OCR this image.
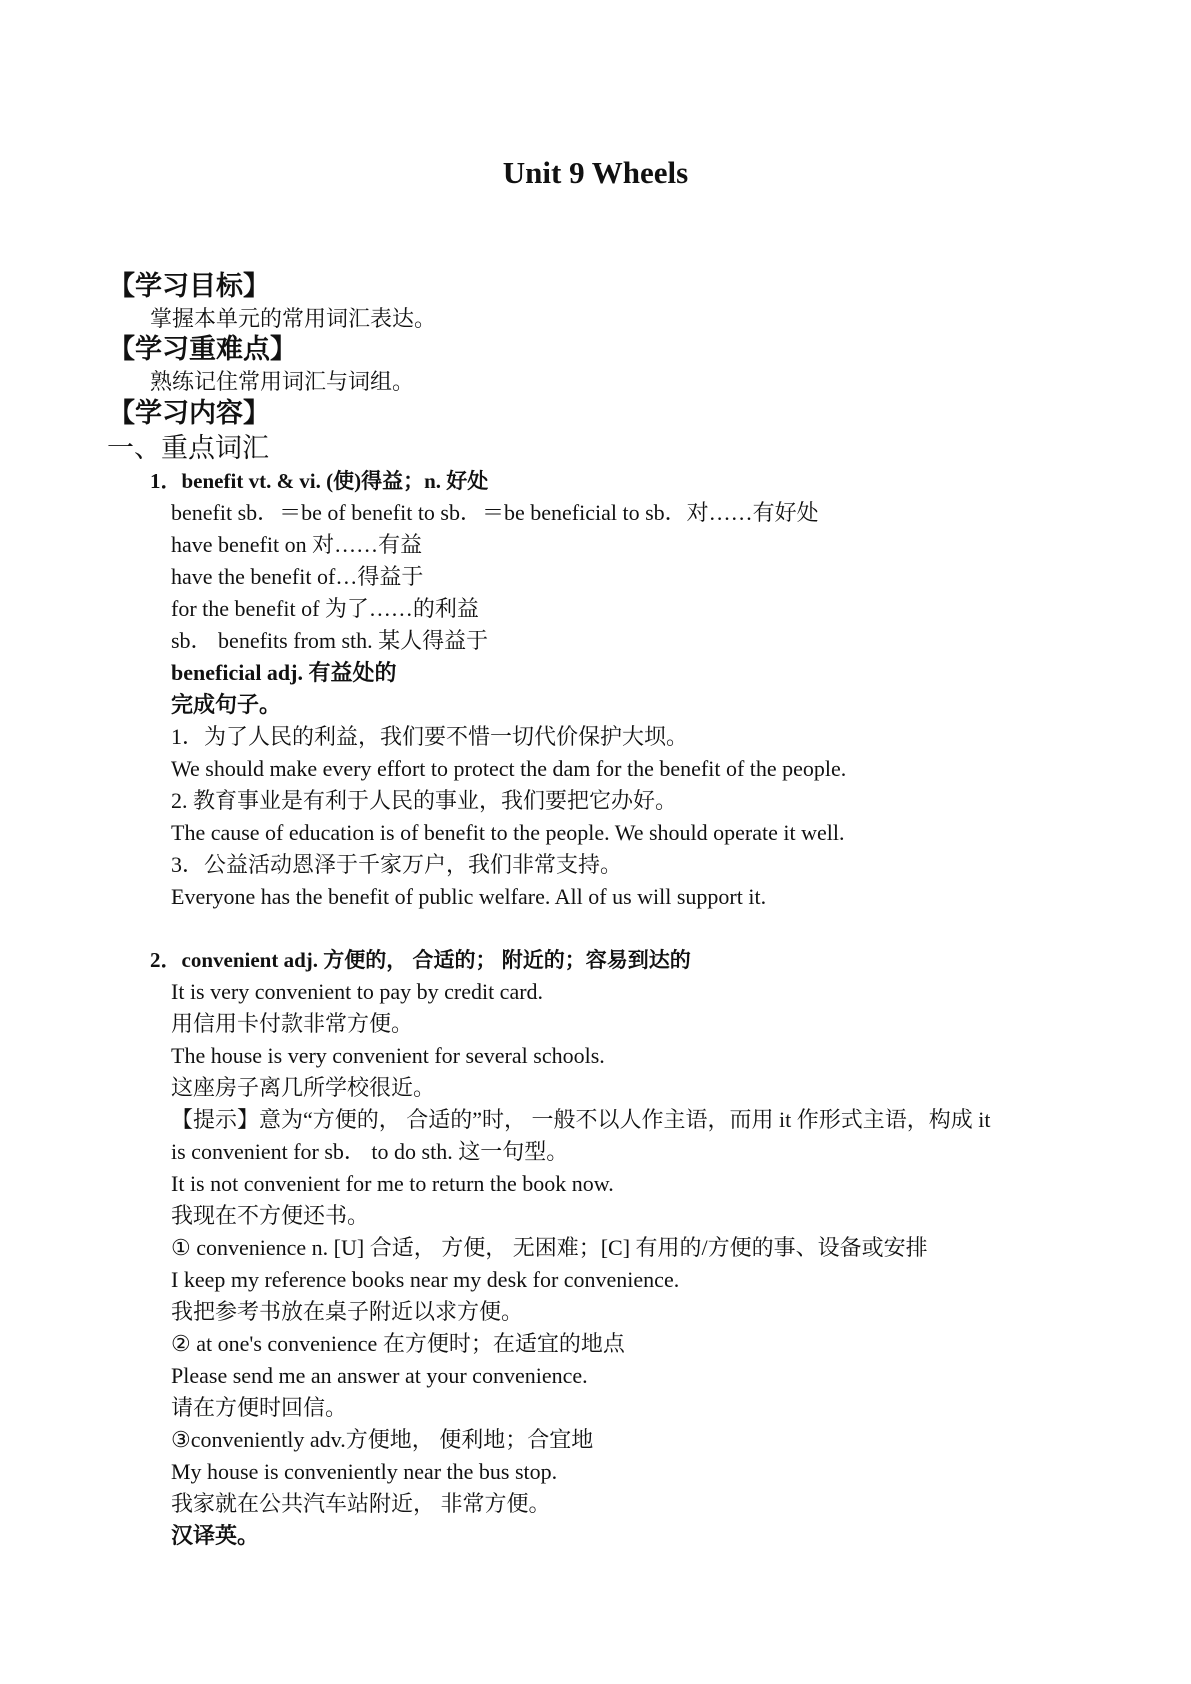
Unit 9 Wheels
【学习目标】
掌握本单元的常用词汇表达。
【学习重难点】
熟练记住常用词汇与词组。
【学习内容】
一、重点词汇
1．benefit vt. & vi. (使)得益；n. 好处
benefit sb．＝be of benefit to sb．＝be beneficial to sb．对……有好处
have benefit on 对……有益
have the benefit of…得益于
for the benefit of 为了……的利益
sb． benefits from sth. 某人得益于
beneficial adj. 有益处的
完成句子。
1．为了人民的利益，我们要不惜一切代价保护大坝。
We should make every effort to protect the dam for the benefit of the people.
2. 教育事业是有利于人民的事业，我们要把它办好。
The cause of education is of benefit to the people. We should operate it well.
3．公益活动恩泽于千家万户，我们非常支持。
Everyone has the benefit of public welfare. All of us will support it.
2．convenient adj. 方便的， 合适的； 附近的；容易到达的
It is very convenient to pay by credit card.
用信用卡付款非常方便。
The house is very convenient for several schools.
这座房子离几所学校很近。
【提示】意为“方便的， 合适的”时， 一般不以人作主语，而用 it 作形式主语，构成 it
is convenient for sb． to do sth. 这一句型。
It is not convenient for me to return the book now.
我现在不方便还书。
① convenience n. [U] 合适， 方便， 无困难；[C] 有用的/方便的事、设备或安排
I keep my reference books near my desk for convenience.
我把参考书放在桌子附近以求方便。
② at one's convenience 在方便时；在适宜的地点
Please send me an answer at your convenience.
请在方便时回信。
③conveniently adv.方便地， 便利地；合宜地
My house is conveniently near the bus stop.
我家就在公共汽车站附近， 非常方便。
汉译英。
